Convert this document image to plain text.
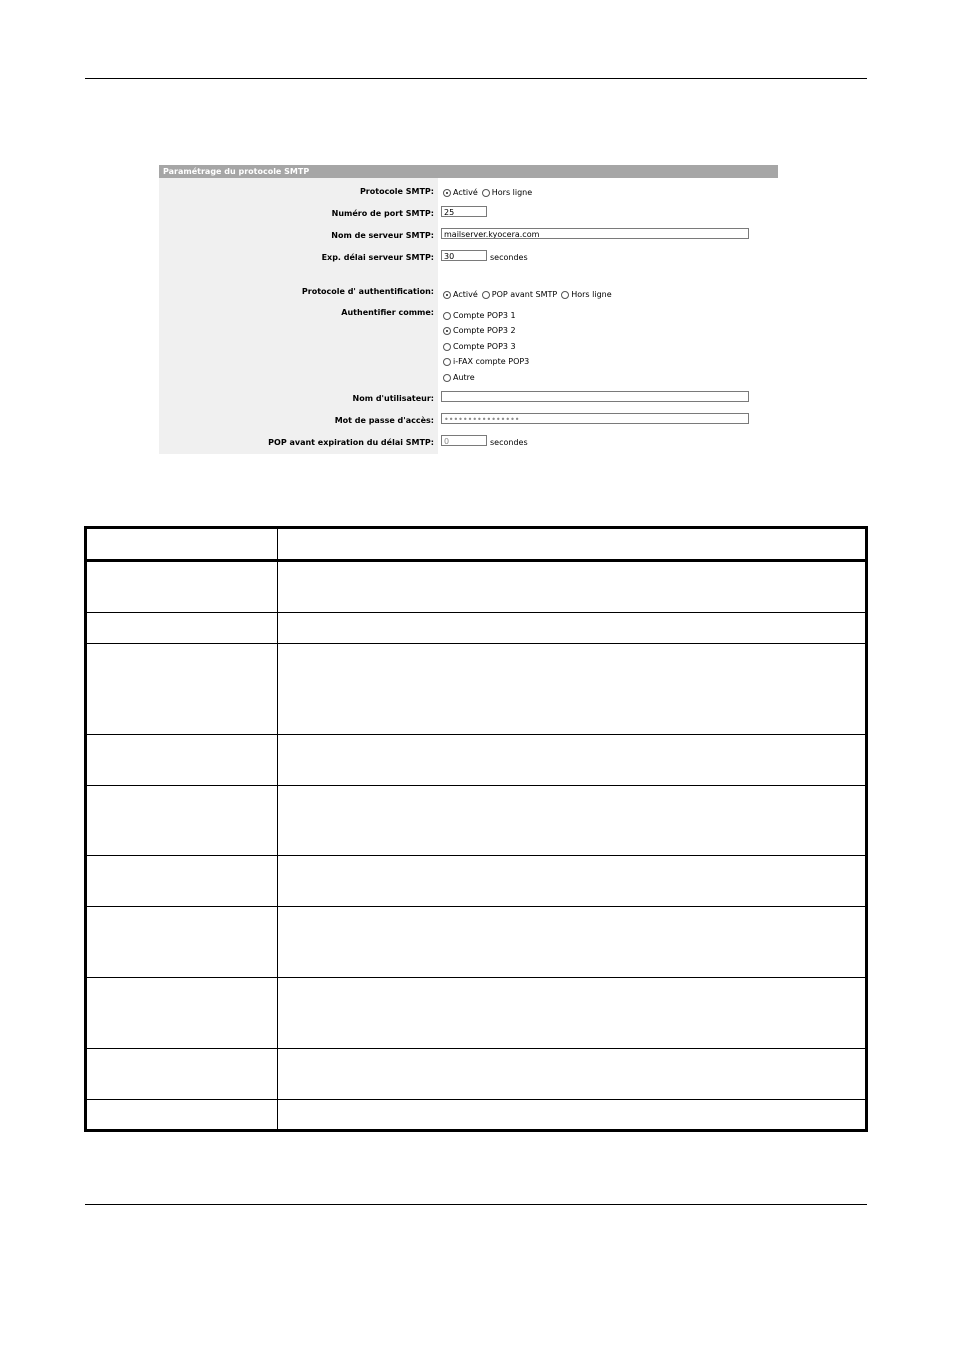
Paramétrage du protocole SMTP
Protocole SMTP: Activé Hors ligne
Numéro de port SMTP:	25
Nom de serveur SMTP:	mailserver.kyocera.com
Exp. délai serveur SMTP:	30	secondes
Protocole d' authentification: Activé POP avant SMTP Hors ligne
Authentifier comme: Compte POP3 1
Compte POP3 2
Compte POP3 3
i-FAX compte POP3
Autre
Nom d'utilisateur:
Mot de passe d'accès:	••••••••••••••••
POP avant expiration du délai SMTP:	0	secondes
